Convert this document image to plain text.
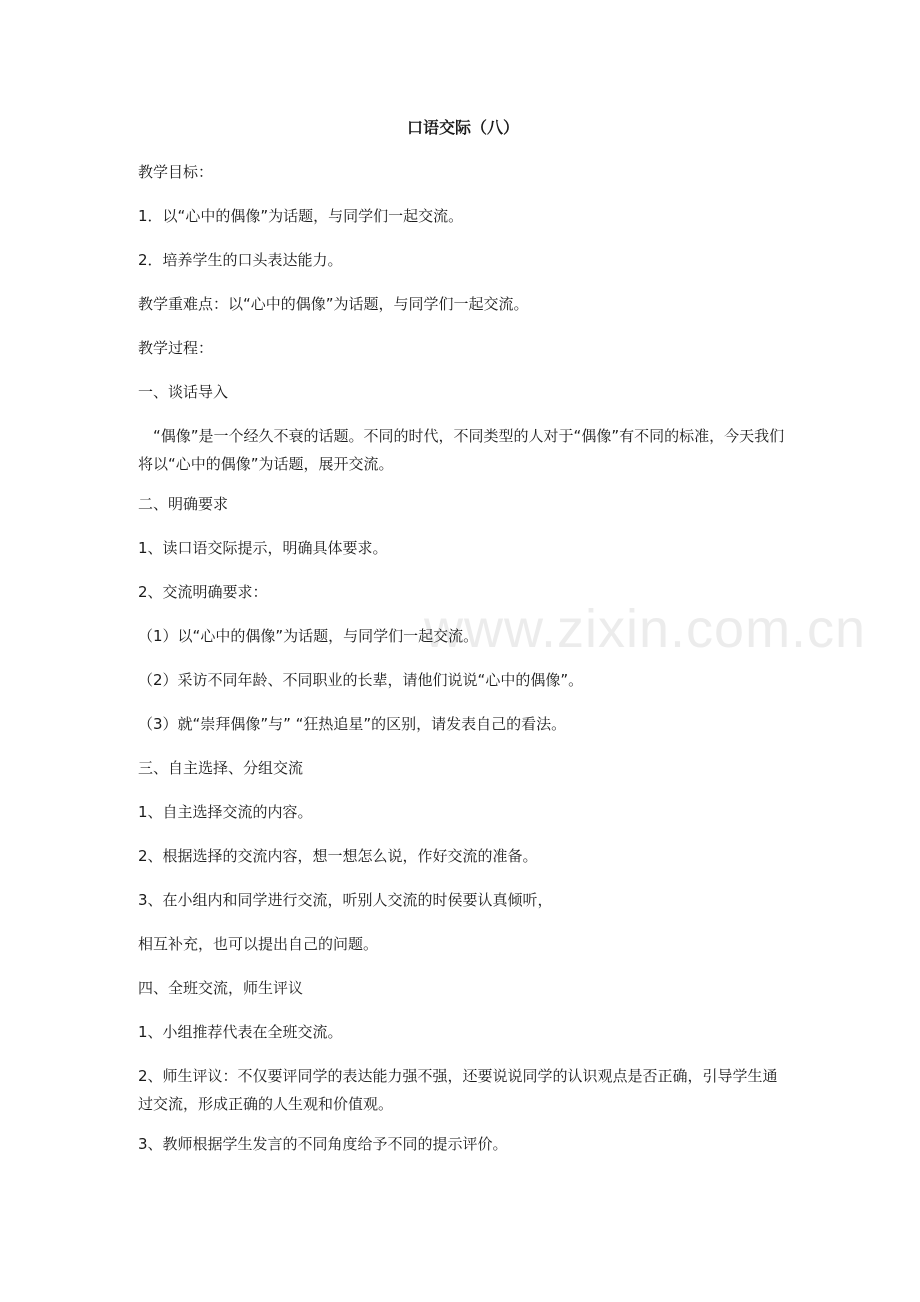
www.zixin.com.cn
口语交际（八）
教学目标：
1．以“心中的偶像”为话题，与同学们一起交流。
2．培养学生的口头表达能力。
教学重难点：以“心中的偶像”为话题，与同学们一起交流。
教学过程：
一、谈话导入
“偶像”是一个经久不衰的话题。不同的时代，不同类型的人对于“偶像”有不同的标准，今天我们将以“心中的偶像”为话题，展开交流。
二、明确要求
1、读口语交际提示，明确具体要求。
2、交流明确要求：
（1）以“心中的偶像”为话题，与同学们一起交流。
（2）采访不同年龄、不同职业的长辈，请他们说说“心中的偶像”。
（3）就“崇拜偶像”与” “狂热追星”的区别，请发表自己的看法。
三、自主选择、分组交流
1、自主选择交流的内容。
2、根据选择的交流内容，想一想怎么说，作好交流的准备。
3、在小组内和同学进行交流，听别人交流的时侯要认真倾听，
相互补充，也可以提出自己的问题。
四、全班交流，师生评议
1、小组推荐代表在全班交流。
2、师生评议：不仅要评同学的表达能力强不强，还要说说同学的认识观点是否正确，引导学生通过交流，形成正确的人生观和价值观。
3、教师根据学生发言的不同角度给予不同的提示评价。
